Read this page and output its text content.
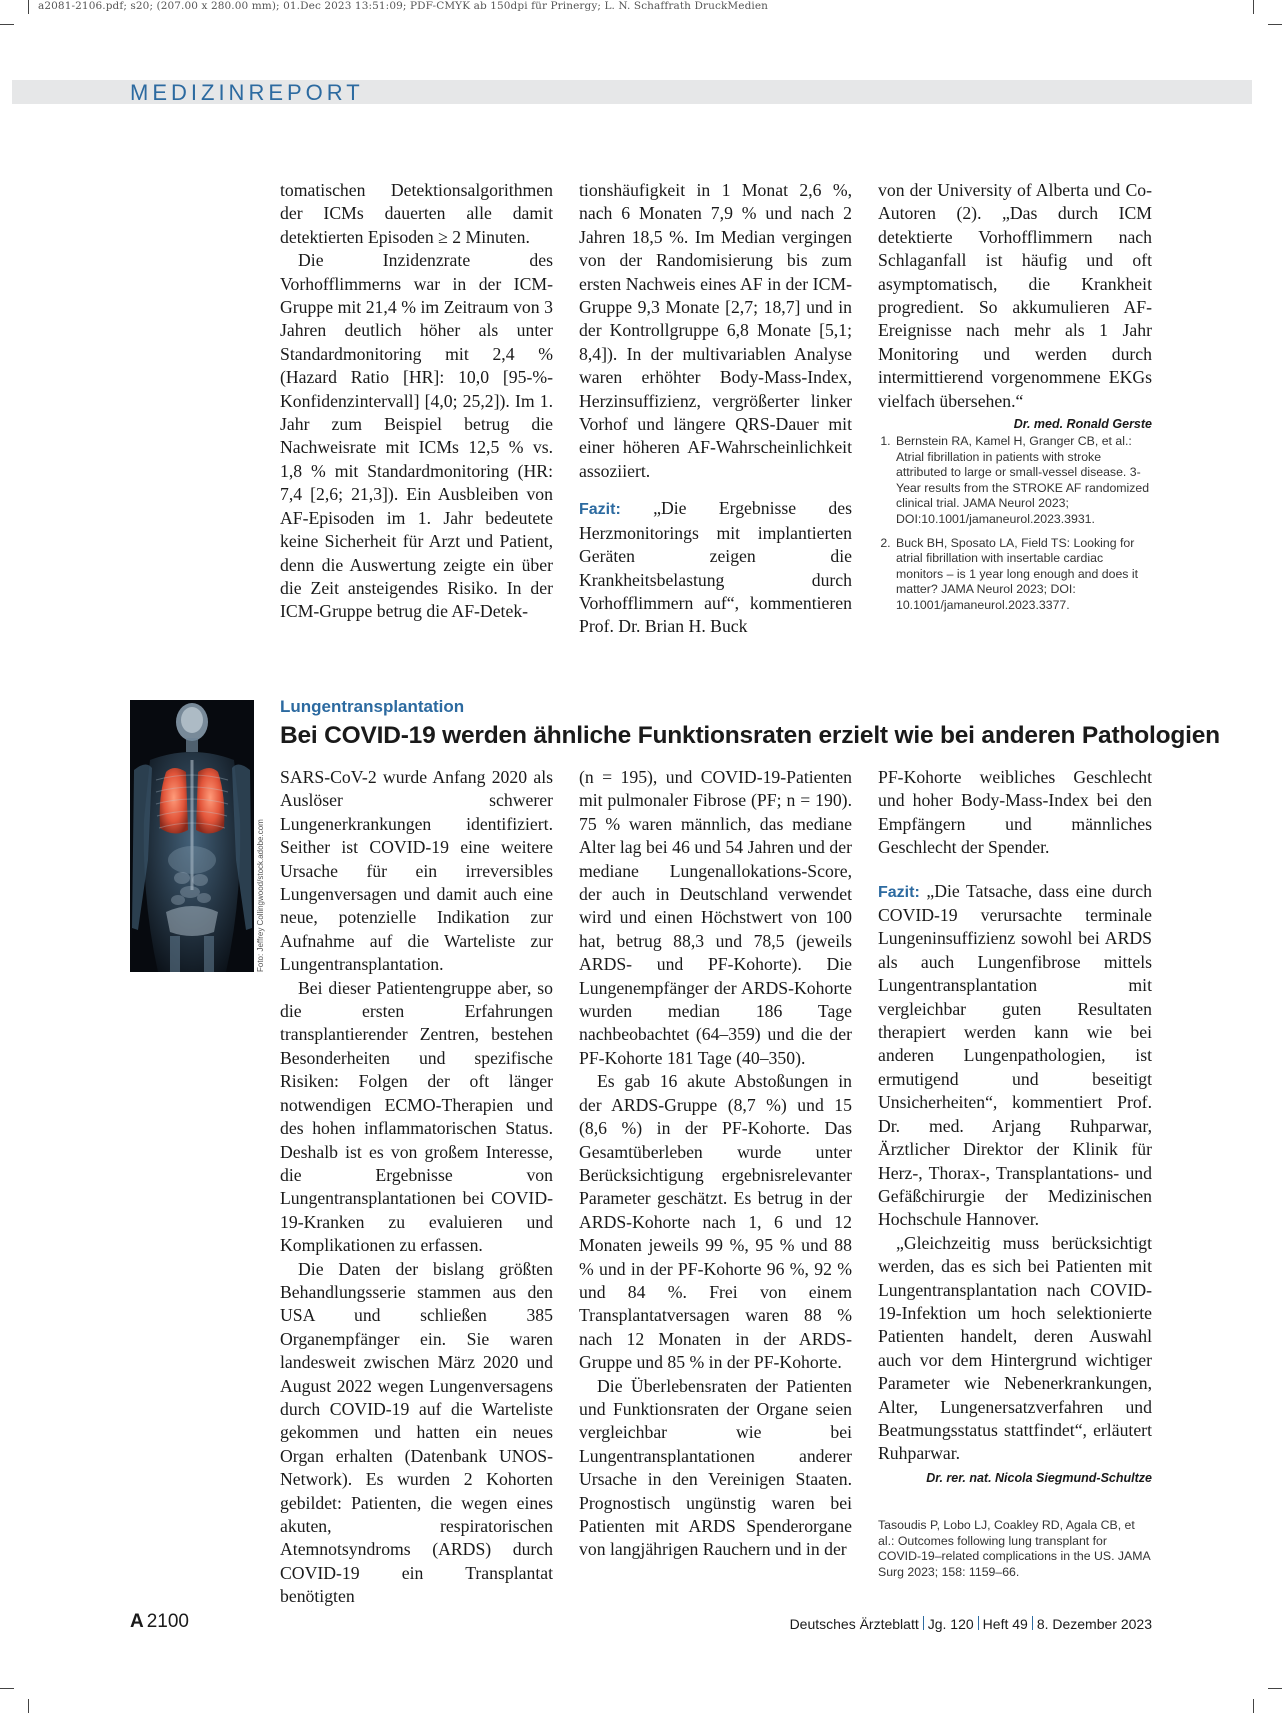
a2081-2106.pdf; s20; (207.00 x 280.00 mm); 01.Dec 2023 13:51:09; PDF-CMYK ab 150dpi für Prinergy; L. N. Schaffrath DruckMedien
MEDIZINREPORT

tomatischen Detektionsalgorithmen der ICMs dauerten alle damit detektierten Episoden ≥ 2 Minuten.

Die Inzidenzrate des Vorhofflimmerns war in der ICM-Gruppe mit 21,4 % im Zeitraum von 3 Jahren deutlich höher als unter Standardmonitoring mit 2,4 % (Hazard Ratio [HR]: 10,0 [95-%-Konfidenzintervall] [4,0; 25,2]). Im 1. Jahr zum Beispiel betrug die Nachweisrate mit ICMs 12,5 % vs. 1,8 % mit Standardmonitoring (HR: 7,4 [2,6; 21,3]). Ein Ausbleiben von AF-Episoden im 1. Jahr bedeutete keine Sicherheit für Arzt und Patient, denn die Auswertung zeigte ein über die Zeit ansteigendes Risiko. In der ICM-Gruppe betrug die AF-Detek-

tionshäufigkeit in 1 Monat 2,6 %, nach 6 Monaten 7,9 % und nach 2 Jahren 18,5 %. Im Median vergingen von der Randomisierung bis zum ersten Nachweis eines AF in der ICM-Gruppe 9,3 Monate [2,7; 18,7] und in der Kontrollgruppe 6,8 Monate [5,1; 8,4]). In der multivariablen Analyse waren erhöhter Body-Mass-Index, Herzinsuffizienz, vergrößerter linker Vorhof und längere QRS-Dauer mit einer höheren AF-Wahrscheinlichkeit assoziiert.

Fazit: „Die Ergebnisse des Herzmonitorings mit implantierten Geräten zeigen die Krankheitsbelastung durch Vorhofflimmern auf“, kommentieren Prof. Dr. Brian H. Buck

von der University of Alberta und Co-Autoren (2). „Das durch ICM detektierte Vorhofflimmern nach Schlaganfall ist häufig und oft asymptomatisch, die Krankheit progredient. So akkumulieren AF-Ereignisse nach mehr als 1 Jahr Monitoring und werden durch intermittierend vorgenommene EKGs vielfach übersehen.“
Dr. med. Ronald Gerste

1. Bernstein RA, Kamel H, Granger CB, et al.: Atrial fibrillation in patients with stroke attributed to large or small-vessel disease. 3-Year results from the STROKE AF randomized clinical trial. JAMA Neurol 2023; DOI:10.1001/jamaneurol.2023.3931.
2. Buck BH, Sposato LA, Field TS: Looking for atrial fibrillation with insertable cardiac monitors – is 1 year long enough and does it matter? JAMA Neurol 2023; DOI: 10.1001/jamaneurol.2023.3377.
Foto: Jeffrey Collingwood/stock.adobe.com
Lungentransplantation
Bei COVID-19 werden ähnliche Funktionsraten erzielt wie bei anderen Pathologien

SARS-CoV-2 wurde Anfang 2020 als Auslöser schwerer Lungenerkrankungen identifiziert. Seither ist COVID-19 eine weitere Ursache für ein irreversibles Lungenversagen und damit auch eine neue, potenzielle Indikation zur Aufnahme auf die Warteliste zur Lungentransplantation.

Bei dieser Patientengruppe aber, so die ersten Erfahrungen transplantierender Zentren, bestehen Besonderheiten und spezifische Risiken: Folgen der oft länger notwendigen ECMO-Therapien und des hohen inflammatorischen Status. Deshalb ist es von großem Interesse, die Ergebnisse von Lungentransplantationen bei COVID-19-Kranken zu evaluieren und Komplikationen zu erfassen.

Die Daten der bislang größten Behandlungsserie stammen aus den USA und schließen 385 Organempfänger ein. Sie waren landesweit zwischen März 2020 und August 2022 wegen Lungenversagens durch COVID-19 auf die Warteliste gekommen und hatten ein neues Organ erhalten (Datenbank UNOS-Network). Es wurden 2 Kohorten gebildet: Patienten, die wegen eines akuten, respiratorischen Atemnotsyndroms (ARDS) durch COVID-19 ein Transplantat benötigten

(n = 195), und COVID-19-Patienten mit pulmonaler Fibrose (PF; n = 190). 75 % waren männlich, das mediane Alter lag bei 46 und 54 Jahren und der mediane Lungenallokations-Score, der auch in Deutschland verwendet wird und einen Höchstwert von 100 hat, betrug 88,3 und 78,5 (jeweils ARDS- und PF-Kohorte). Die Lungenempfänger der ARDS-Kohorte wurden median 186 Tage nachbeobachtet (64–359) und die der PF-Kohorte 181 Tage (40–350).

Es gab 16 akute Abstoßungen in der ARDS-Gruppe (8,7 %) und 15 (8,6 %) in der PF-Kohorte. Das Gesamtüberleben wurde unter Berücksichtigung ergebnisrelevanter Parameter geschätzt. Es betrug in der ARDS-Kohorte nach 1, 6 und 12 Monaten jeweils 99 %, 95 % und 88 % und in der PF-Kohorte 96 %, 92 % und 84 %. Frei von einem Transplantatversagen waren 88 % nach 12 Monaten in der ARDS-Gruppe und 85 % in der PF-Kohorte.

Die Überlebensraten der Patienten und Funktionsraten der Organe seien vergleichbar wie bei Lungentransplantationen anderer Ursache in den Vereinigen Staaten. Prognostisch ungünstig waren bei Patienten mit ARDS Spenderorgane von langjährigen Rauchern und in der

PF-Kohorte weibliches Geschlecht und hoher Body-Mass-Index bei den Empfängern und männliches Geschlecht der Spender.

Fazit: „Die Tatsache, dass eine durch COVID-19 verursachte terminale Lungeninsuffizienz sowohl bei ARDS als auch Lungenfibrose mittels Lungentransplantation mit vergleichbar guten Resultaten therapiert werden kann wie bei anderen Lungenpathologien, ist ermutigend und beseitigt Unsicherheiten“, kommentiert Prof. Dr. med. Arjang Ruhparwar, Ärztlicher Direktor der Klinik für Herz-, Thorax-, Transplantations- und Gefäßchirurgie der Medizinischen Hochschule Hannover.

„Gleichzeitig muss berücksichtigt werden, das es sich bei Patienten mit Lungentransplantation nach COVID-19-Infektion um hoch selektionierte Patienten handelt, deren Auswahl auch vor dem Hintergrund wichtiger Parameter wie Nebenerkrankungen, Alter, Lungenersatzverfahren und Beatmungsstatus stattfindet“, erläutert Ruhparwar.

Dr. rer. nat. Nicola Siegmund-Schultze
Tasoudis P, Lobo LJ, Coakley RD, Agala CB, et al.: Outcomes following lung transplant for COVID-19–related complications in the US. JAMA Surg 2023; 158: 1159–66.
A 2100	Deutsches Ärzteblatt Jg. 120 Heft 49 8. Dezember 2023
